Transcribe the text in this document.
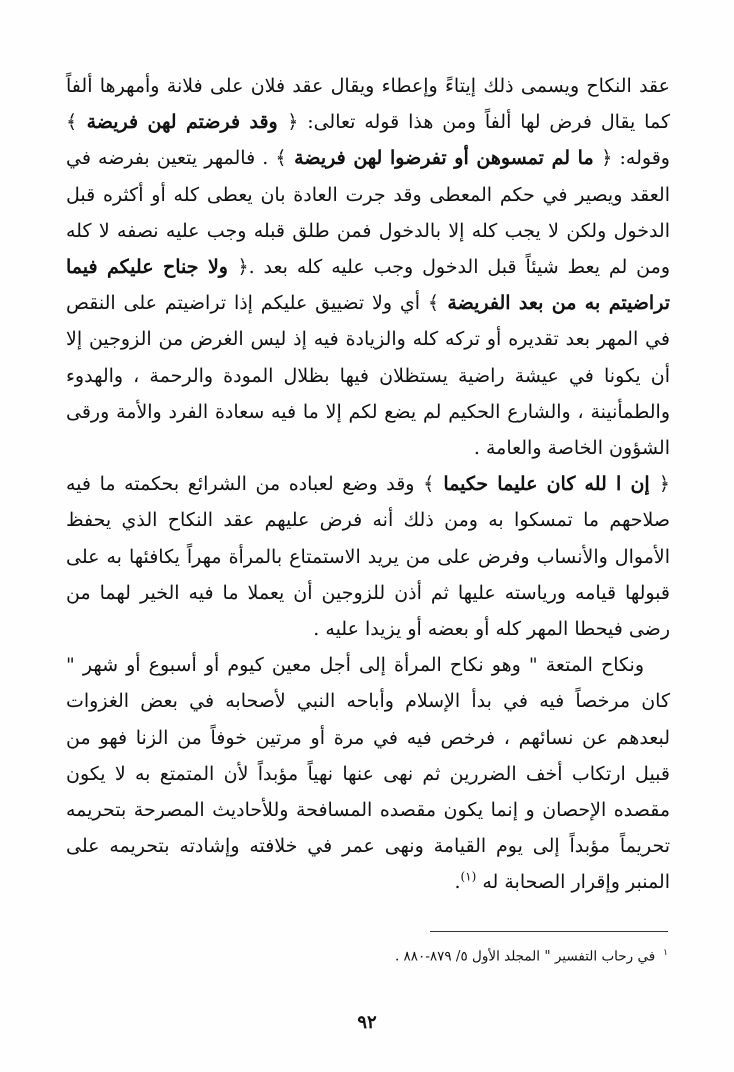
عقد النكاح ويسمى ذلك إيتاءً وإعطاء ويقال عقد فلان على فلانة وأمهرها ألفاً كما يقال فرض لها ألفاً ومن هذا قوله تعالى: ﴿ وقد فرضتم لهن فريضة ﴾ وقوله: ﴿ ما لم تمسوهن أو تفرضوا لهن فريضة ﴾ . فالمهر يتعين بفرضه في العقد ويصير في حكم المعطى وقد جرت العادة بان يعطى كله أو أكثره قبل الدخول ولكن لا يجب كله إلا بالدخول فمن طلق قبله وجب عليه نصفه لا كله ومن لم يعط شيئاً قبل الدخول وجب عليه كله بعد .﴿ ولا جناح عليكم فيما تراضيتم به من بعد الفريضة ﴾ أي ولا تضييق عليكم إذا تراضيتم على النقص في المهر بعد تقديره أو تركه كله والزيادة فيه إذ ليس الغرض من الزوجين إلا أن يكونا في عيشة راضية يستظلان فيها بظلال المودة والرحمة ، والهدوء والطمأنينة ، والشارع الحكيم لم يضع لكم إلا ما فيه سعادة الفرد والأمة ورقى الشؤون الخاصة والعامة .

﴿ إن ا لله كان عليما حكيما ﴾ وقد وضع لعباده من الشرائع بحكمته ما فيه صلاحهم ما تمسكوا به ومن ذلك أنه فرض عليهم عقد النكاح الذي يحفظ الأموال والأنساب وفرض على من يريد الاستمتاع بالمرأة مهراً يكافئها به على قبولها قيامه ورياسته عليها ثم أذن للزوجين أن يعملا ما فيه الخير لهما من رضى فيحطا المهر كله أو بعضه أو يزيدا عليه .

ونكاح المتعة " وهو نكاح المرأة إلى أجل معين كيوم أو أسبوع أو شهر " كان مرخصاً فيه في بدأ الإسلام وأباحه النبي لأصحابه في بعض الغزوات لبعدهم عن نسائهم ، فرخص فيه في مرة أو مرتين خوفاً من الزنا فهو من قبيل ارتكاب أخف الضررين ثم نهى عنها نهياً مؤبداً لأن المتمتع به لا يكون مقصده الإحصان و إنما يكون مقصده المسافحة وللأحاديث المصرحة بتحريمه تحريماً مؤبداً إلى يوم القيامة ونهى عمر في خلافته وإشادته بتحريمه على المنبر وإقرار الصحابة له $^{(١)}$.

$^١$في رحاب التفسير " المجلد الأول ٥/ ٨٧٩-٨٨٠ .
٩٢
